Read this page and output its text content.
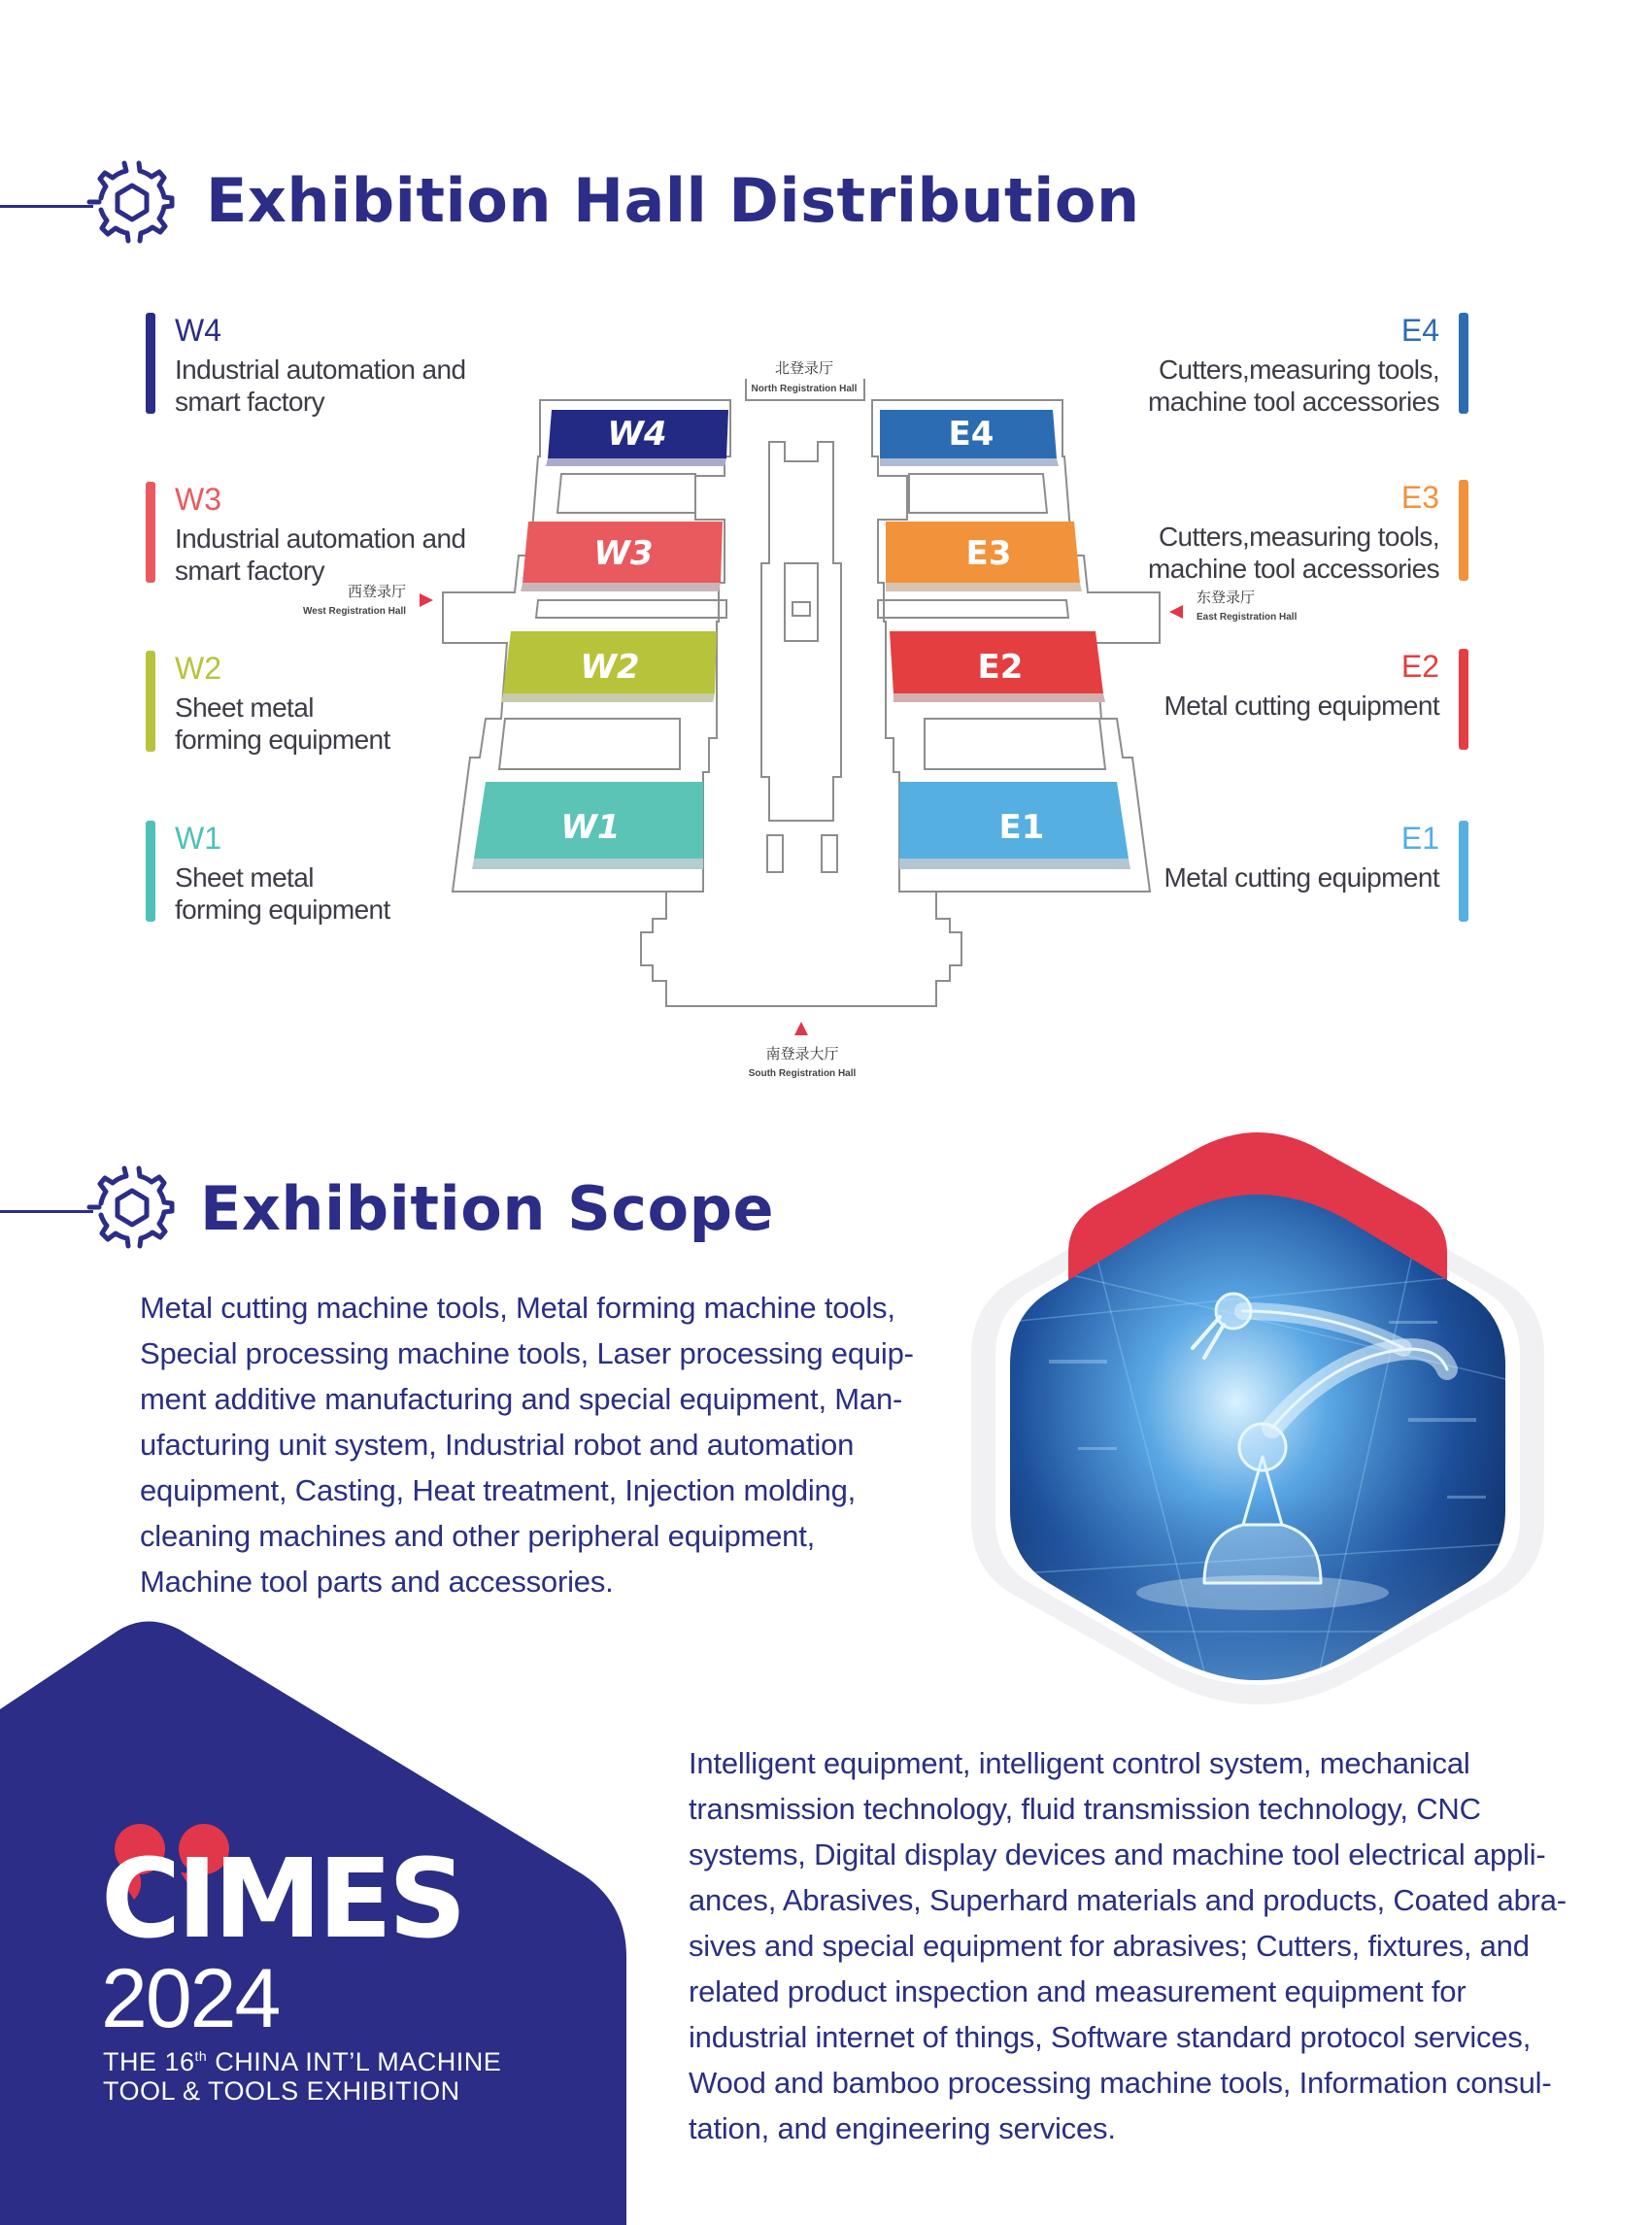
Exhibition Hall Distribution
W4
Industrial automation and
smart factory
W3
Industrial automation and
smart factory
W2
Sheet metal
forming equipment
W1
Sheet metal
forming equipment
E4
Cutters,measuring tools,
machine tool accessories
E3
Cutters,measuring tools,
machine tool accessories
E2
Metal cutting equipment
E1
Metal cutting equipment
W4
W3
W2
W1
E4
E3
E2
E1
北登录厅
North Registration Hall
西登录厅
West Registration Hall
东登录厅
East Registration Hall
南登录大厅
South Registration Hall
Exhibition Scope
Metal cutting machine tools, Metal forming machine tools,
Special processing machine tools, Laser processing equip-
ment additive manufacturing and special equipment, Man-
ufacturing unit system, Industrial robot and automation
equipment, Casting, Heat treatment, Injection molding,
cleaning machines and other peripheral equipment,
Machine tool parts and accessories.
CIMES
2024
THE 16th CHINA INT’L MACHINE
TOOL & TOOLS EXHIBITION
Intelligent equipment, intelligent control system, mechanical
transmission technology, fluid transmission technology, CNC
systems, Digital display devices and machine tool electrical appli-
ances, Abrasives, Superhard materials and products, Coated abra-
sives and special equipment for abrasives; Cutters, fixtures, and
related product inspection and measurement equipment for
industrial internet of things, Software standard protocol services,
Wood and bamboo processing machine tools, Information consul-
tation, and engineering services.
